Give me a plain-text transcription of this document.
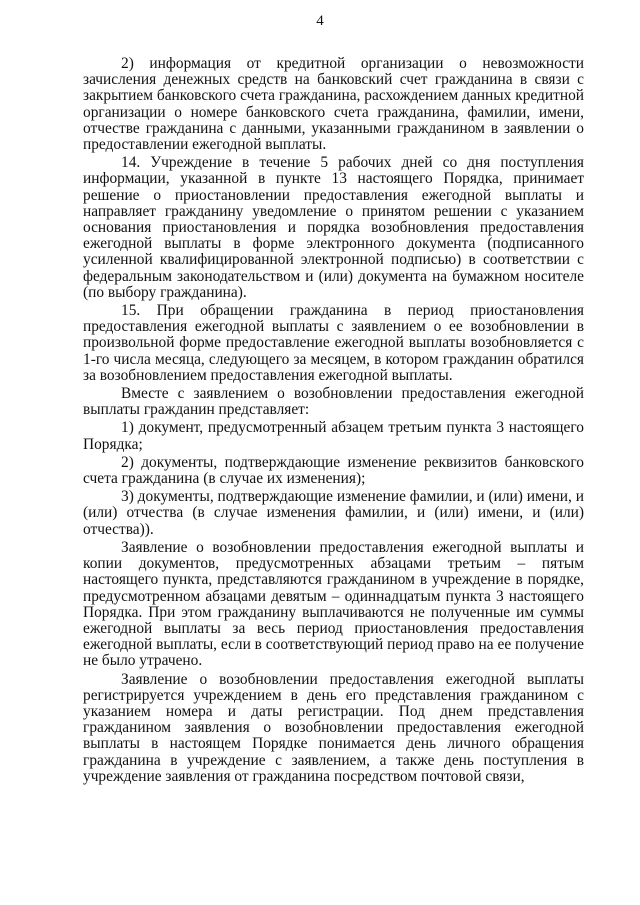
4

2) информация от кредитной организации о невозможности зачисления денежных средств на банковский счет гражданина в связи с закрытием банковского счета гражданина, расхождением данных кредитной организации о номере банковского счета гражданина, фамилии, имени, отчестве гражданина с данными, указанными гражданином в заявлении о предоставлении ежегодной выплаты.

14. Учреждение в течение 5 рабочих дней со дня поступления информации, указанной в пункте 13 настоящего Порядка, принимает решение о приостановлении предоставления ежегодной выплаты и направляет гражданину уведомление о принятом решении с указанием основания приостановления и порядка возобновления предоставления ежегодной выплаты в форме электронного документа (подписанного усиленной квалифицированной электронной подписью) в соответствии с федеральным законодательством и (или) документа на бумажном носителе (по выбору гражданина).

15. При обращении гражданина в период приостановления предоставления ежегодной выплаты с заявлением о ее возобновлении в произвольной форме предоставление ежегодной выплаты возобновляется с 1-го числа месяца, следующего за месяцем, в котором гражданин обратился за возобновлением предоставления ежегодной выплаты.

Вместе с заявлением о возобновлении предоставления ежегодной выплаты гражданин представляет:

1) документ, предусмотренный абзацем третьим пункта 3 настоящего Порядка;

2) документы, подтверждающие изменение реквизитов банковского счета гражданина (в случае их изменения);

3) документы, подтверждающие изменение фамилии, и (или) имени, и (или) отчества (в случае изменения фамилии, и (или) имени, и (или) отчества)).

Заявление о возобновлении предоставления ежегодной выплаты и копии документов, предусмотренных абзацами третьим – пятым настоящего пункта, представляются гражданином в учреждение в порядке, предусмотренном абзацами девятым – одиннадцатым пункта 3 настоящего Порядка. При этом гражданину выплачиваются не полученные им суммы ежегодной выплаты за весь период приостановления предоставления ежегодной выплаты, если в соответствующий период право на ее получение не было утрачено.

Заявление о возобновлении предоставления ежегодной выплаты регистрируется учреждением в день его представления гражданином с указанием номера и даты регистрации. Под днем представления гражданином заявления о возобновлении предоставления ежегодной выплаты в настоящем Порядке понимается день личного обращения гражданина в учреждение с заявлением, а также день поступления в учреждение заявления от гражданина посредством почтовой связи,
